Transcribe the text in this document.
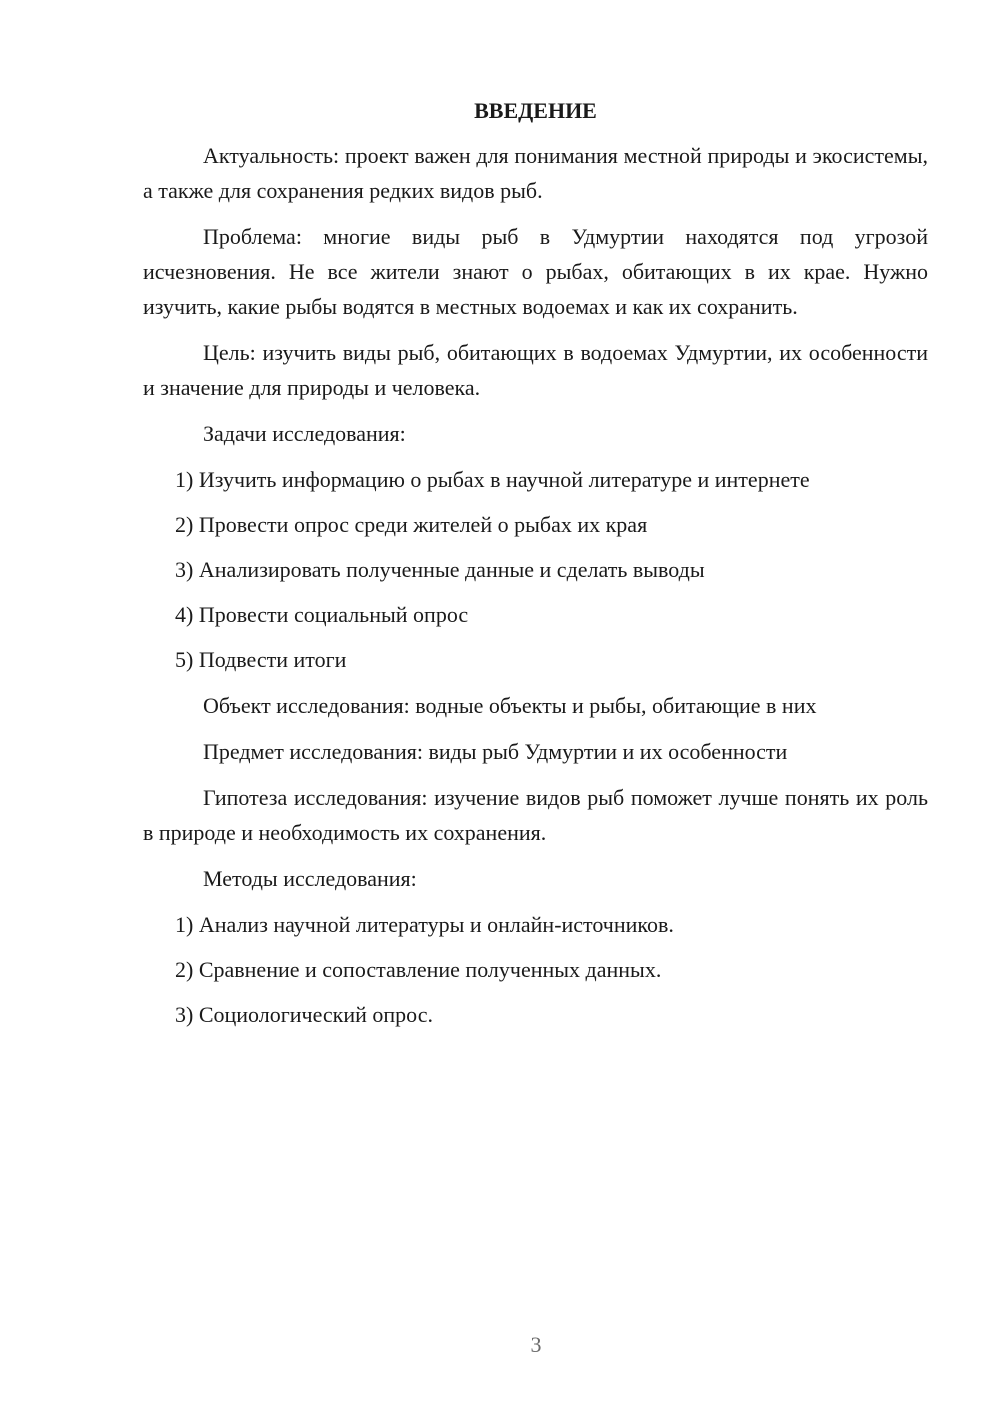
ВВЕДЕНИЕ

Актуальность: проект важен для понимания местной природы и экосистемы, а также для сохранения редких видов рыб.

Проблема: многие виды рыб в Удмуртии находятся под угрозой исчезновения. Не все жители знают о рыбах, обитающих в их крае. Нужно изучить, какие рыбы водятся в местных водоемах и как их сохранить.

Цель: изучить виды рыб, обитающих в водоемах Удмуртии, их особенности и значение для природы и человека.

Задачи исследования:

1) Изучить информацию о рыбах в научной литературе и интернете
2) Провести опрос среди жителей о рыбах их края
3) Анализировать полученные данные и сделать выводы
4) Провести социальный опрос
5) Подвести итоги

Объект исследования: водные объекты и рыбы, обитающие в них

Предмет исследования: виды рыб Удмуртии и их особенности

Гипотеза исследования: изучение видов рыб поможет лучше понять их роль в природе и необходимость их сохранения.

Методы исследования:

1) Анализ научной литературы и онлайн-источников.
2) Сравнение и сопоставление полученных данных.
3) Социологический опрос.
3
